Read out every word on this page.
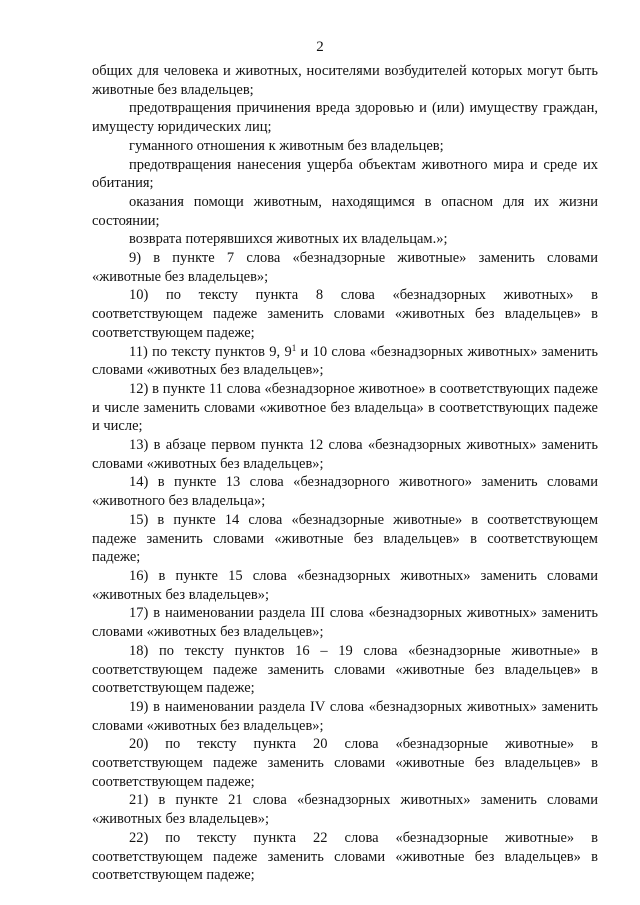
2

общих для человека и животных, носителями возбудителей которых могут быть животные без владельцев;

предотвращения причинения вреда здоровью и (или) имуществу граждан, имущесту юридических лиц;

гуманного отношения к животным без владельцев;

предотвращения нанесения ущерба объектам животного мира и среде их обитания;

оказания помощи животным, находящимся в опасном для их жизни состоянии;

возврата потерявшихся животных их владельцам.»;

9) в пункте 7 слова «безнадзорные животные» заменить словами «животные без владельцев»;

10) по тексту пункта 8 слова «безнадзорных животных» в соответствующем падеже заменить словами «животных без владельцев» в соответствующем падеже;

11) по тексту пунктов 9, $9^1$ и 10 слова «безнадзорных животных» заменить словами «животных без владельцев»;

12) в пункте 11 слова «безнадзорное животное» в соответствующих падеже и числе заменить словами «животное без владельца» в соответствующих падеже и числе;

13) в абзаце первом пункта 12 слова «безнадзорных животных» заменить словами «животных без владельцев»;

14) в пункте 13 слова «безнадзорного животного» заменить словами «животного без владельца»;

15) в пункте 14 слова «безнадзорные животные» в соответствующем падеже заменить словами «животные без владельцев» в соответствующем падеже;

16) в пункте 15 слова «безнадзорных животных» заменить словами «животных без владельцев»;

17) в наименовании раздела III слова «безнадзорных животных» заменить словами «животных без владельцев»;

18) по тексту пунктов 16 – 19 слова «безнадзорные животные» в соответствующем падеже заменить словами «животные без владельцев» в соответствующем падеже;

19) в наименовании раздела IV слова «безнадзорных животных» заменить словами «животных без владельцев»;

20) по тексту пункта 20 слова «безнадзорные животные» в соответствующем падеже заменить словами «животные без владельцев» в соответствующем падеже;

21) в пункте 21 слова «безнадзорных животных» заменить словами «животных без владельцев»;

22) по тексту пункта 22 слова «безнадзорные животные» в соответствующем падеже заменить словами «животные без владельцев» в соответствующем падеже;
